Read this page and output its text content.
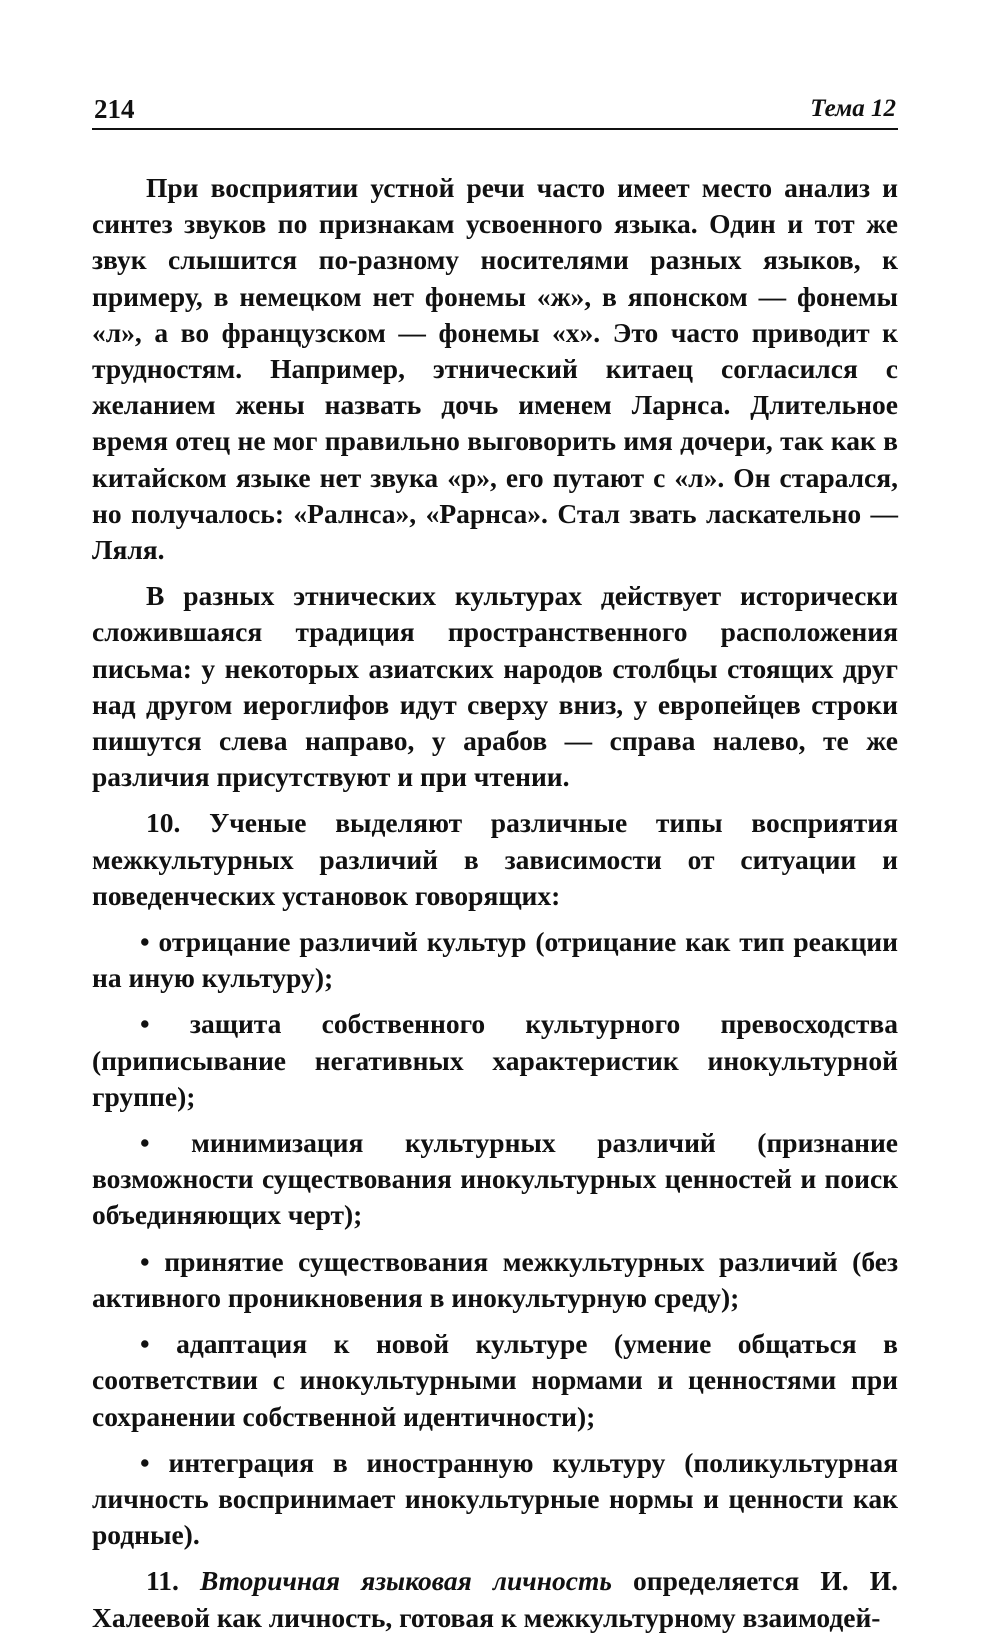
214	Тема 12

При восприятии устной речи часто имеет место анализ и синтез звуков по признакам усвоенного языка. Один и тот же звук слышится по-разному носителями разных языков, к примеру, в немецком нет фонемы «ж», в японском — фонемы «л», а во французском — фонемы «х». Это часто приводит к трудностям. Например, этнический китаец согласился с желанием жены назвать дочь именем Ларнса. Длительное время отец не мог правильно выговорить имя дочери, так как в китайском языке нет звука «р», его путают с «л». Он старался, но получалось: «Ралнса», «Рарнса». Стал звать ласкательно — Ляля.

В разных этнических культурах действует исторически сложившаяся традиция пространственного расположения письма: у некоторых азиатских народов столбцы стоящих друг над другом иероглифов идут сверху вниз, у европейцев строки пишутся слева направо, у арабов — справа налево, те же различия присутствуют и при чтении.

10. Ученые выделяют различные типы восприятия межкультурных различий в зависимости от ситуации и поведенческих установок говорящих:

• отрицание различий культур (отрицание как тип реакции на иную культуру);

• защита собственного культурного превосходства (приписывание негативных характеристик инокультурной группе);

• минимизация культурных различий (признание возможности существования инокультурных ценностей и поиск объединяющих черт);

• принятие существования межкультурных различий (без активного проникновения в инокультурную среду);

• адаптация к новой культуре (умение общаться в соответствии с инокультурными нормами и ценностями при сохранении собственной идентичности);

• интеграция в иностранную культуру (поликультурная личность воспринимает инокультурные нормы и ценности как родные).

11. Вторичная языковая личность определяется И. И. Халеевой как личность, готовая к межкультурному взаимодей-
